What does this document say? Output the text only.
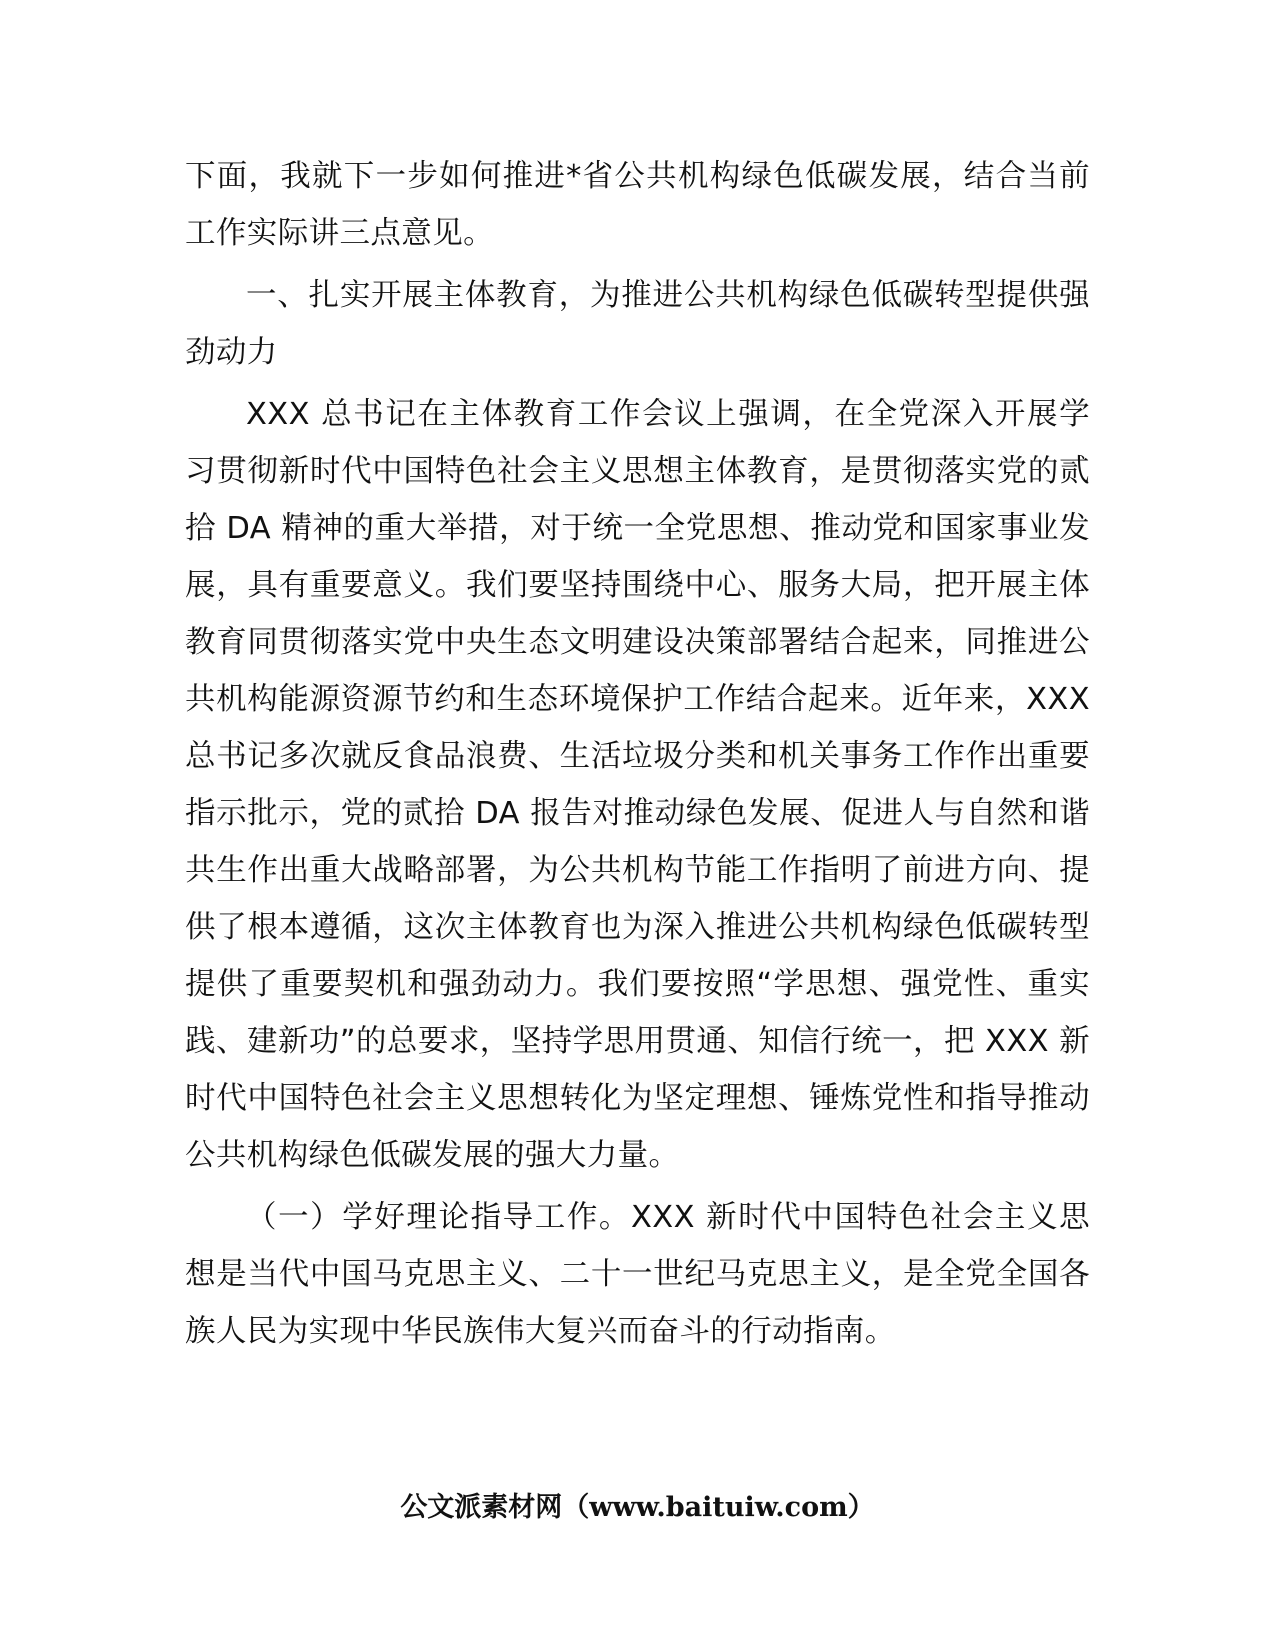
下面，我就下一步如何推进*省公共机构绿色低碳发展，结合当前工作实际讲三点意见。

一、扎实开展主体教育，为推进公共机构绿色低碳转型提供强劲动力

XXX 总书记在主体教育工作会议上强调，在全党深入开展学习贯彻新时代中国特色社会主义思想主体教育，是贯彻落实党的贰拾 DA 精神的重大举措，对于统一全党思想、推动党和国家事业发展，具有重要意义。我们要坚持围绕中心、服务大局，把开展主体教育同贯彻落实党中央生态文明建设决策部署结合起来，同推进公共机构能源资源节约和生态环境保护工作结合起来。近年来，XXX 总书记多次就反食品浪费、生活垃圾分类和机关事务工作作出重要指示批示，党的贰拾 DA 报告对推动绿色发展、促进人与自然和谐共生作出重大战略部署，为公共机构节能工作指明了前进方向、提供了根本遵循，这次主体教育也为深入推进公共机构绿色低碳转型提供了重要契机和强劲动力。我们要按照“学思想、强党性、重实践、建新功”的总要求，坚持学思用贯通、知信行统一，把 XXX 新时代中国特色社会主义思想转化为坚定理想、锤炼党性和指导推动公共机构绿色低碳发展的强大力量。

（一）学好理论指导工作。XXX 新时代中国特色社会主义思想是当代中国马克思主义、二十一世纪马克思主义，是全党全国各族人民为实现中华民族伟大复兴而奋斗的行动指南。

公文派素材网（www.baituiw.com）
